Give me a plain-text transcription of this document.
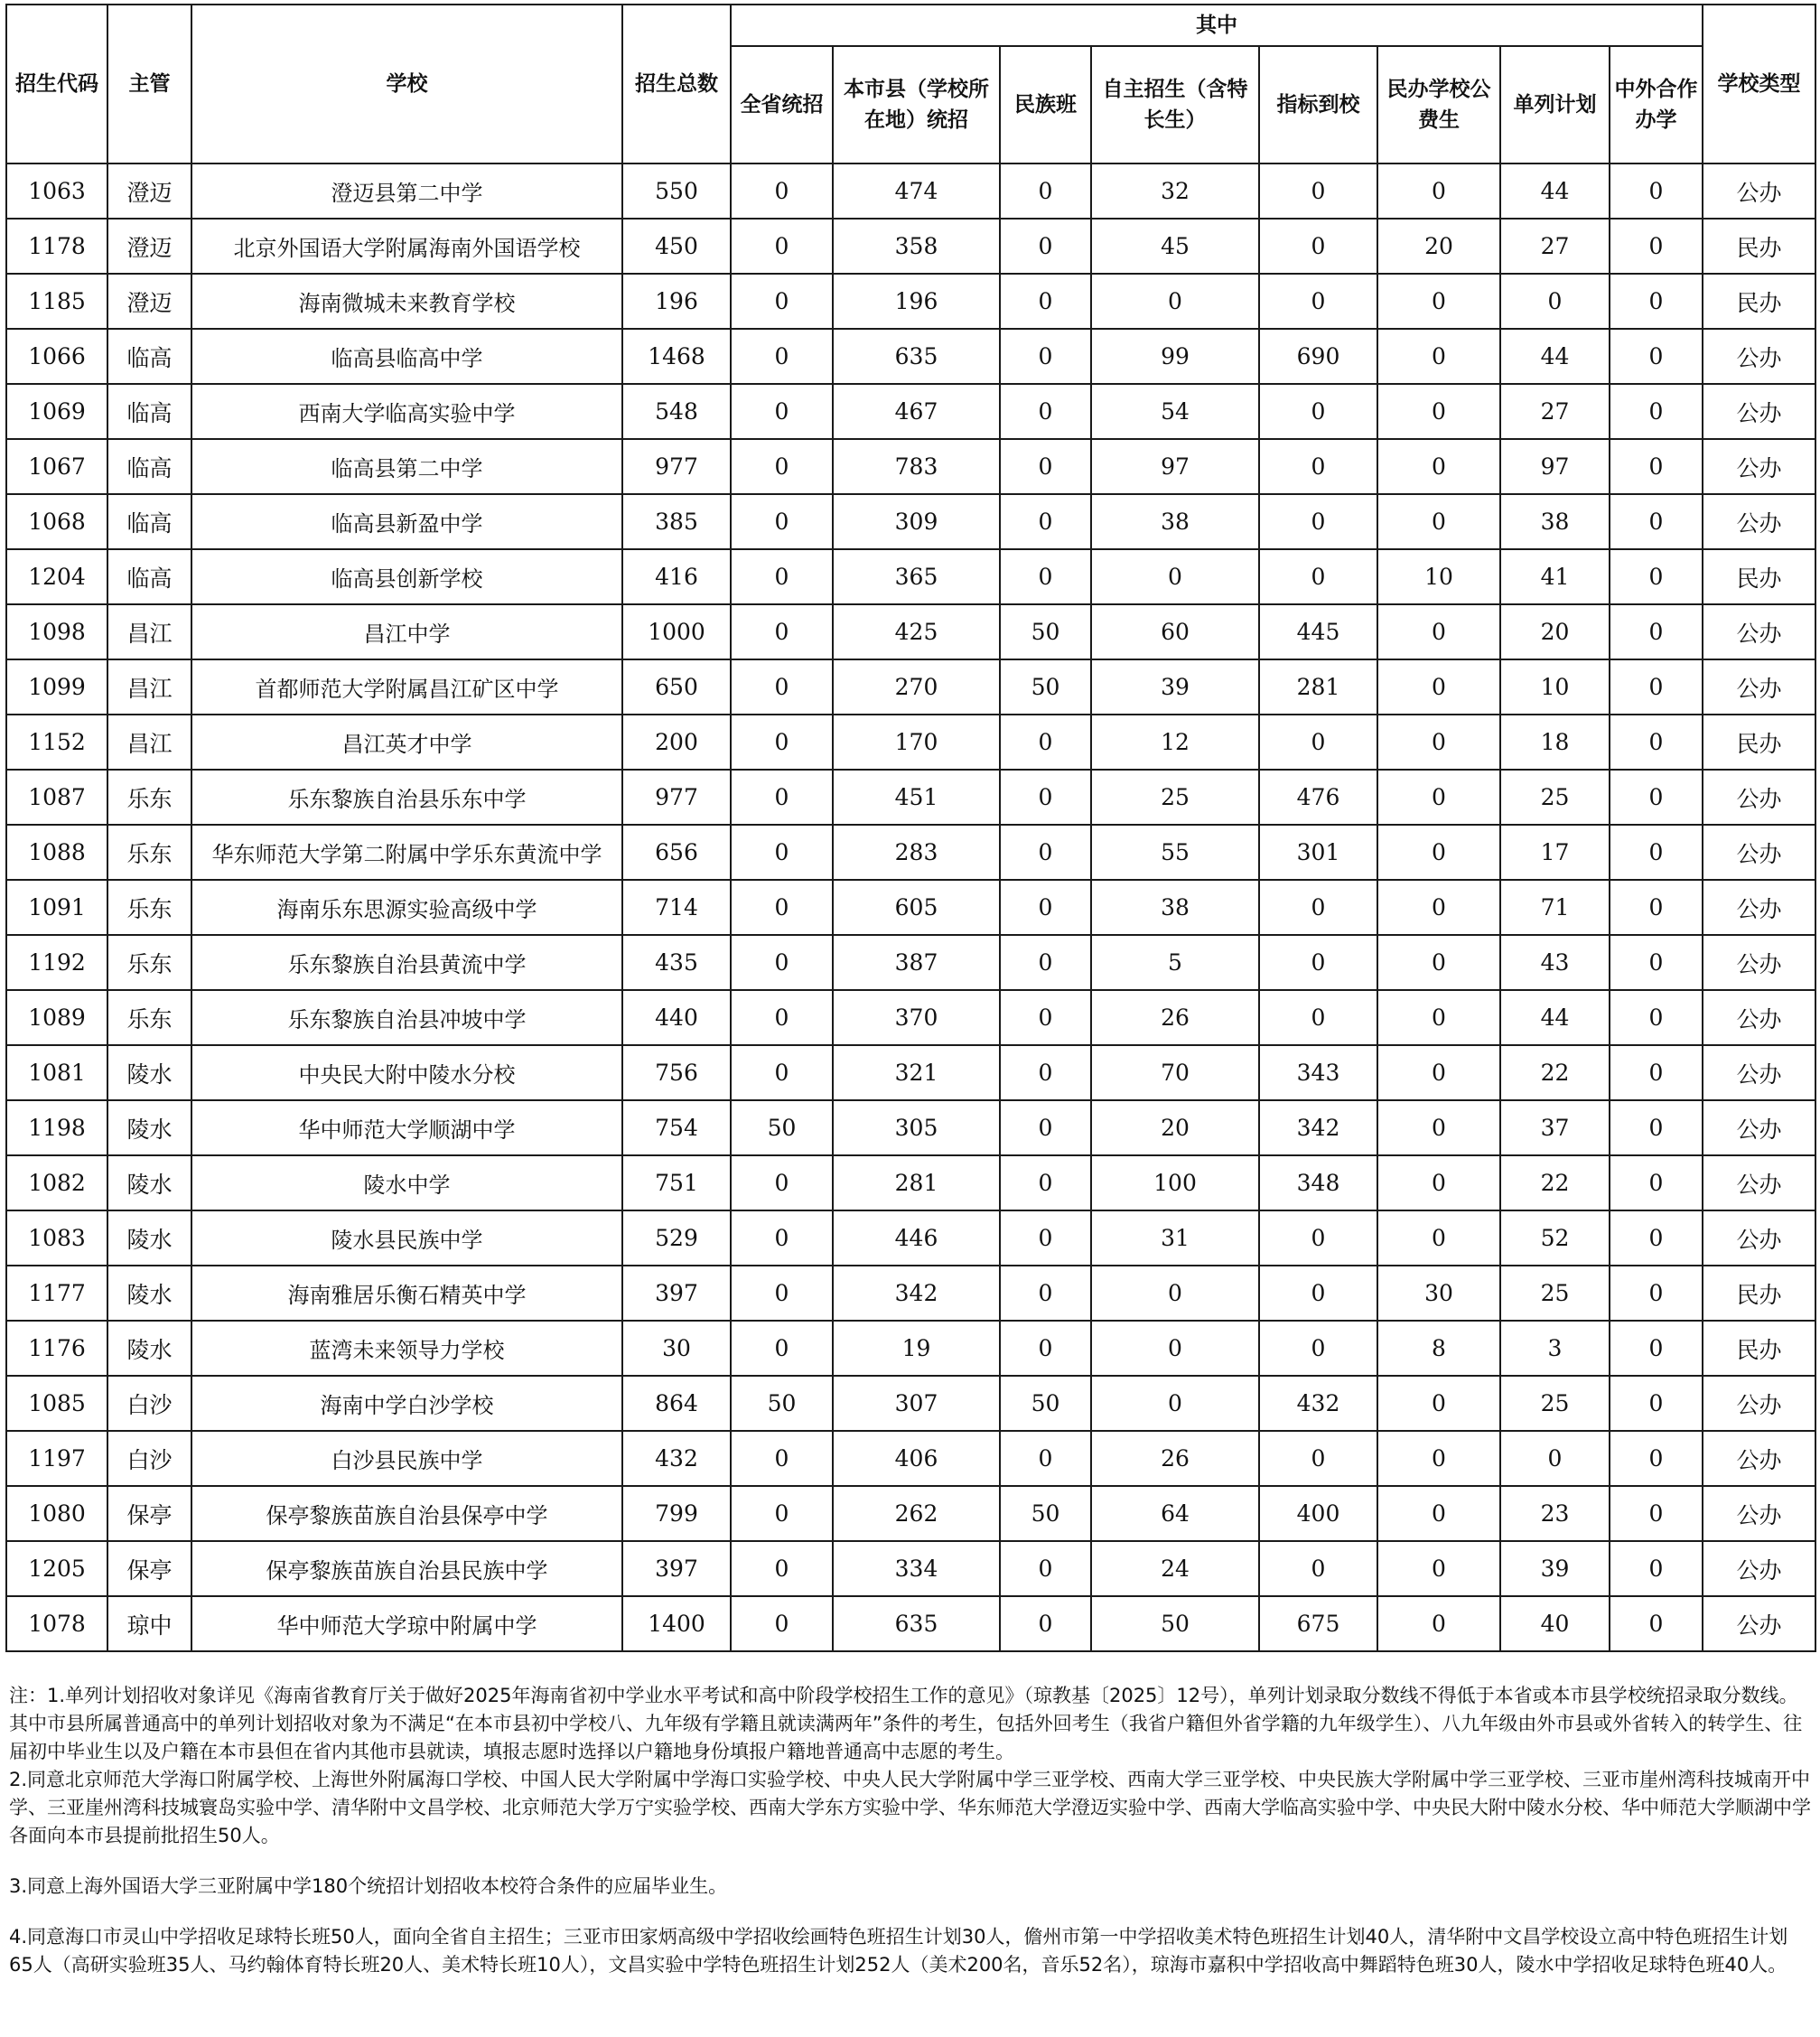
招生代码	主管	学校	招生总数	其中								学校类型
				全省统招	本市县（学校所在地）统招	民族班	自主招生（含特长生）	指标到校	民办学校公费生	单列计划	中外合作办学	
1063	澄迈	澄迈县第二中学	550	0	474	0	32	0	0	44	0	公办
1178	澄迈	北京外国语大学附属海南外国语学校	450	0	358	0	45	0	20	27	0	民办
1185	澄迈	海南微城未来教育学校	196	0	196	0	0	0	0	0	0	民办
1066	临高	临高县临高中学	1468	0	635	0	99	690	0	44	0	公办
1069	临高	西南大学临高实验中学	548	0	467	0	54	0	0	27	0	公办
1067	临高	临高县第二中学	977	0	783	0	97	0	0	97	0	公办
1068	临高	临高县新盈中学	385	0	309	0	38	0	0	38	0	公办
1204	临高	临高县创新学校	416	0	365	0	0	0	10	41	0	民办
1098	昌江	昌江中学	1000	0	425	50	60	445	0	20	0	公办
1099	昌江	首都师范大学附属昌江矿区中学	650	0	270	50	39	281	0	10	0	公办
1152	昌江	昌江英才中学	200	0	170	0	12	0	0	18	0	民办
1087	乐东	乐东黎族自治县乐东中学	977	0	451	0	25	476	0	25	0	公办
1088	乐东	华东师范大学第二附属中学乐东黄流中学	656	0	283	0	55	301	0	17	0	公办
1091	乐东	海南乐东思源实验高级中学	714	0	605	0	38	0	0	71	0	公办
1192	乐东	乐东黎族自治县黄流中学	435	0	387	0	5	0	0	43	0	公办
1089	乐东	乐东黎族自治县冲坡中学	440	0	370	0	26	0	0	44	0	公办
1081	陵水	中央民大附中陵水分校	756	0	321	0	70	343	0	22	0	公办
1198	陵水	华中师范大学顺湖中学	754	50	305	0	20	342	0	37	0	公办
1082	陵水	陵水中学	751	0	281	0	100	348	0	22	0	公办
1083	陵水	陵水县民族中学	529	0	446	0	31	0	0	52	0	公办
1177	陵水	海南雅居乐衡石精英中学	397	0	342	0	0	0	30	25	0	民办
1176	陵水	蓝湾未来领导力学校	30	0	19	0	0	0	8	3	0	民办
1085	白沙	海南中学白沙学校	864	50	307	50	0	432	0	25	0	公办
1197	白沙	白沙县民族中学	432	0	406	0	26	0	0	0	0	公办
1080	保亭	保亭黎族苗族自治县保亭中学	799	0	262	50	64	400	0	23	0	公办
1205	保亭	保亭黎族苗族自治县民族中学	397	0	334	0	24	0	0	39	0	公办
1078	琼中	华中师范大学琼中附属中学	1400	0	635	0	50	675	0	40	0	公办

注：1.单列计划招收对象详见《海南省教育厅关于做好2025年海南省初中学业水平考试和高中阶段学校招生工作的意见》（琼教基〔2025〕12号），单列计划录取分数线不得低于本省或本市县学校统招录取分数线。其中市县所属普通高中的单列计划招收对象为不满足“在本市县初中学校八、九年级有学籍且就读满两年”条件的考生，包括外回考生（我省户籍但外省学籍的九年级学生）、八九年级由外市县或外省转入的转学生、往届初中毕业生以及户籍在本市县但在省内其他市县就读，填报志愿时选择以户籍地身份填报户籍地普通高中志愿的考生。

2.同意北京师范大学海口附属学校、上海世外附属海口学校、中国人民大学附属中学海口实验学校、中央人民大学附属中学三亚学校、西南大学三亚学校、中央民族大学附属中学三亚学校、三亚市崖州湾科技城南开中学、三亚崖州湾科技城寰岛实验中学、清华附中文昌学校、北京师范大学万宁实验学校、西南大学东方实验中学、华东师范大学澄迈实验中学、西南大学临高实验中学、中央民大附中陵水分校、华中师范大学顺湖中学各面向本市县提前批招生50人。

3.同意上海外国语大学三亚附属中学180个统招计划招收本校符合条件的应届毕业生。

4.同意海口市灵山中学招收足球特长班50人，面向全省自主招生；三亚市田家炳高级中学招收绘画特色班招生计划30人，儋州市第一中学招收美术特色班招生计划40人，清华附中文昌学校设立高中特色班招生计划65人（高研实验班35人、马约翰体育特长班20人、美术特长班10人），文昌实验中学特色班招生计划252人（美术200名，音乐52名），琼海市嘉积中学招收高中舞蹈特色班30人，陵水中学招收足球特色班40人。
